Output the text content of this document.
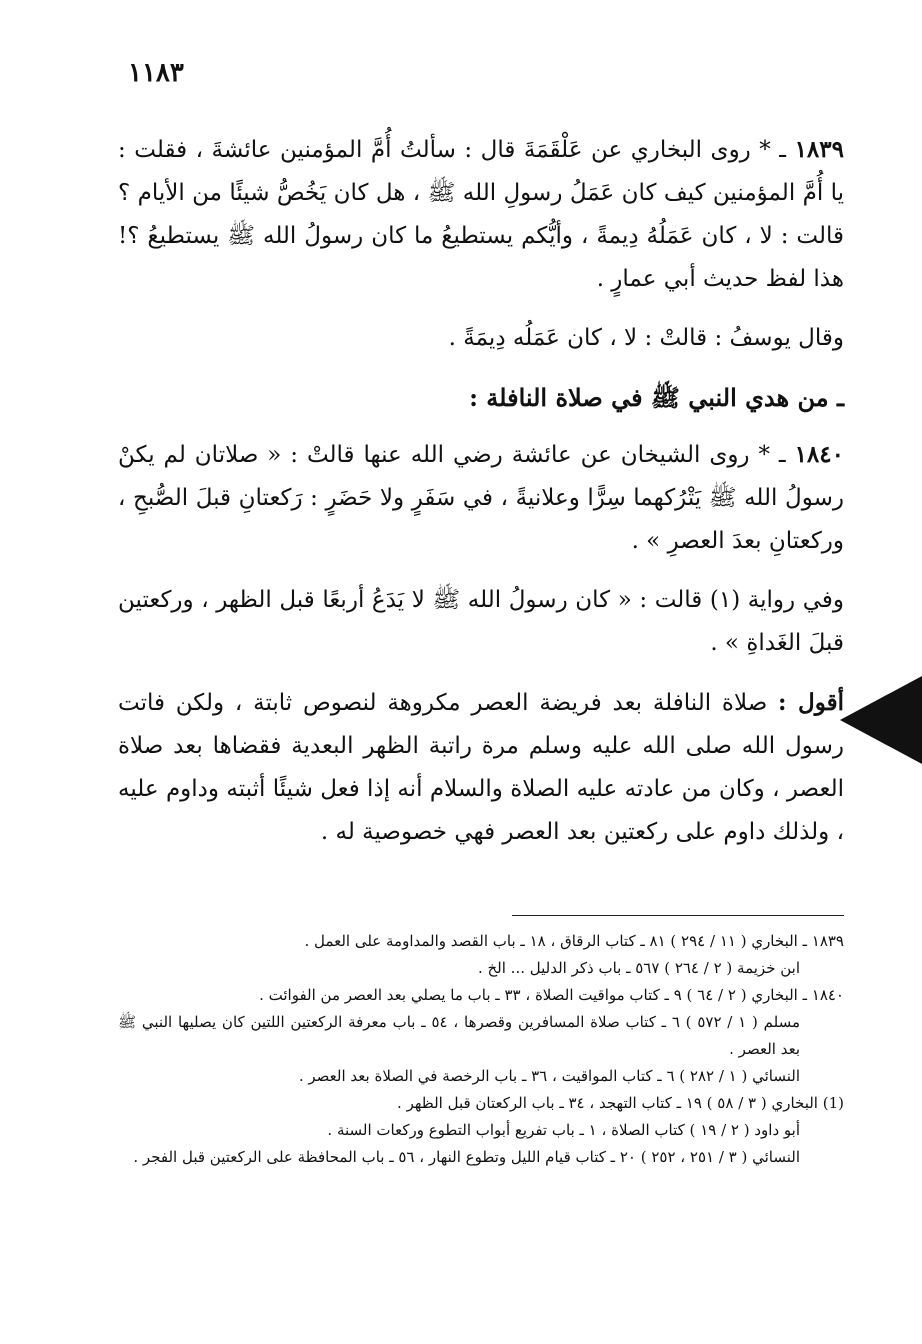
١١٨٣

١٨٣٩ ـ * روى البخاري عن عَلْقَمَةَ قال : سألتُ أُمَّ المؤمنين عائشةَ ، فقلت : يا أُمَّ المؤمنين كيف كان عَمَلُ رسولِ الله ﷺ ، هل كان يَخُصُّ شيئًا من الأيام ؟ قالت : لا ، كان عَمَلُهُ دِيمةً ، وأيُّكم يستطيعُ ما كان رسولُ الله ﷺ يستطيعُ ؟! هذا لفظ حديث أبي عمارٍ .

وقال يوسفُ : قالتْ : لا ، كان عَمَلُه دِيمَةً .

ـ من هدي النبي ﷺ في صلاة النافلة :

١٨٤٠ ـ * روى الشيخان عن عائشة رضي الله عنها قالتْ : « صلاتان لم يكنْ رسولُ الله ﷺ يَتْرُكهما سِرًّا وعلانيةً ، في سَفَرٍ ولا حَضَرٍ : رَكعتانِ قبلَ الصُّبحِ ، وركعتانِ بعدَ العصرِ » .

وفي رواية (١) قالت : « كان رسولُ الله ﷺ لا يَدَعُ أربعًا قبل الظهر ، وركعتين قبلَ الغَداةِ » .

أقول : صلاة النافلة بعد فريضة العصر مكروهة لنصوص ثابتة ، ولكن فاتت رسول الله صلى الله عليه وسلم مرة راتبة الظهر البعدية فقضاها بعد صلاة العصر ، وكان من عادته عليه الصلاة والسلام أنه إذا فعل شيئًا أثبته وداوم عليه ، ولذلك داوم على ركعتين بعد العصر فهي خصوصية له .

١٨٣٩ ـ البخاري ( ١١ / ٢٩٤ ) ٨١ ـ كتاب الرقاق ، ١٨ ـ باب القصد والمداومة على العمل .

ابن خزيمة ( ٢ / ٢٦٤ ) ٥٦٧ ـ باب ذكر الدليل ... الخ .

١٨٤٠ ـ البخاري ( ٢ / ٦٤ ) ٩ ـ كتاب مواقيت الصلاة ، ٣٣ ـ باب ما يصلي بعد العصر من الفوائت .

مسلم ( ١ / ٥٧٢ ) ٦ ـ كتاب صلاة المسافرين وقصرها ، ٥٤ ـ باب معرفة الركعتين اللتين كان يصليها النبي ﷺ بعد العصر .

النسائي ( ١ / ٢٨٢ ) ٦ ـ كتاب المواقيت ، ٣٦ ـ باب الرخصة في الصلاة بعد العصر .

(1) البخاري ( ٣ / ٥٨ ) ١٩ ـ كتاب التهجد ، ٣٤ ـ باب الركعتان قبل الظهر .

أبو داود ( ٢ / ١٩ ) كتاب الصلاة ، ١ ـ باب تفريع أبواب التطوع وركعات السنة .

النسائي ( ٣ / ٢٥١ ، ٢٥٢ ) ٢٠ ـ كتاب قيام الليل وتطوع النهار ، ٥٦ ـ باب المحافظة على الركعتين قبل الفجر .
